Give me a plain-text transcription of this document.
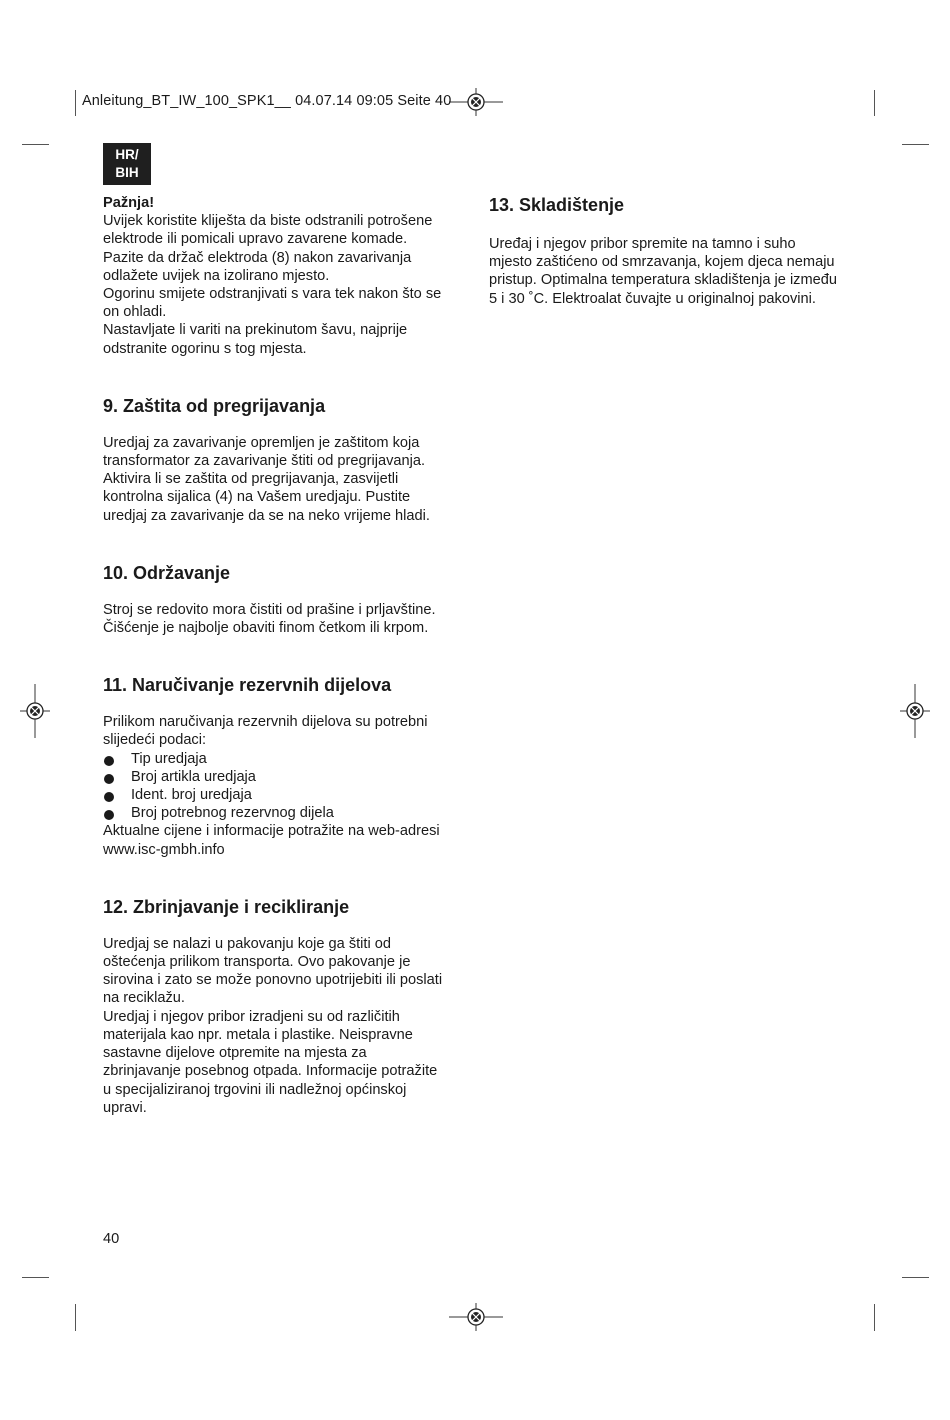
Anleitung_BT_IW_100_SPK1__ 04.07.14 09:05 Seite 40
HR/
BIH

Pažnja!

Uvijek koristite kliješta da biste odstranili potrošene

elektrode ili pomicali upravo zavarene komade.

Pazite da držač elektroda (8) nakon zavarivanja

odlažete uvijek na izolirano mjesto.

Ogorinu smijete odstranjivati s vara tek nakon što se

on ohladi.

Nastavljate li variti na prekinutom šavu, najprije

odstranite ogorinu s tog mjesta.

9. Zaštita od pregrijavanja

Uredjaj za zavarivanje opremljen je zaštitom koja

transformator za zavarivanje štiti od pregrijavanja.

Aktivira li se zaštita od pregrijavanja, zasvijetli

kontrolna sijalica (4) na Vašem uredjaju. Pustite

uredjaj za zavarivanje da se na neko vrijeme hladi.

10. Održavanje

Stroj se redovito mora čistiti od prašine i prljavštine.

Čišćenje je najbolje obaviti finom četkom ili krpom.

11. Naručivanje rezervnih dijelova

Prilikom naručivanja rezervnih dijelova su potrebni

slijedeći podaci:

Tip uredjaja
Broj artikla uredjaja
Ident. broj uredjaja
Broj potrebnog rezervnog dijela

Aktualne cijene i informacije potražite na web-adresi

www.isc-gmbh.info

12. Zbrinjavanje i recikliranje

Uredjaj se nalazi u pakovanju koje ga štiti od

oštećenja prilikom transporta. Ovo pakovanje je

sirovina i zato se može ponovno upotrijebiti ili poslati

na reciklažu.

Uredjaj i njegov pribor izradjeni su od različitih

materijala kao npr. metala i plastike. Neispravne

sastavne dijelove otpremite na mjesta za

zbrinjavanje posebnog otpada. Informacije potražite

u specijaliziranoj trgovini ili nadležnoj općinskoj

upravi.

13. Skladištenje

Uređaj i njegov pribor spremite na tamno i suho

mjesto zaštićeno od smrzavanja, kojem djeca nemaju

pristup. Optimalna temperatura skladištenja je između

5 i 30 ˚C. Elektroalat čuvajte u originalnoj pakovini.

40
